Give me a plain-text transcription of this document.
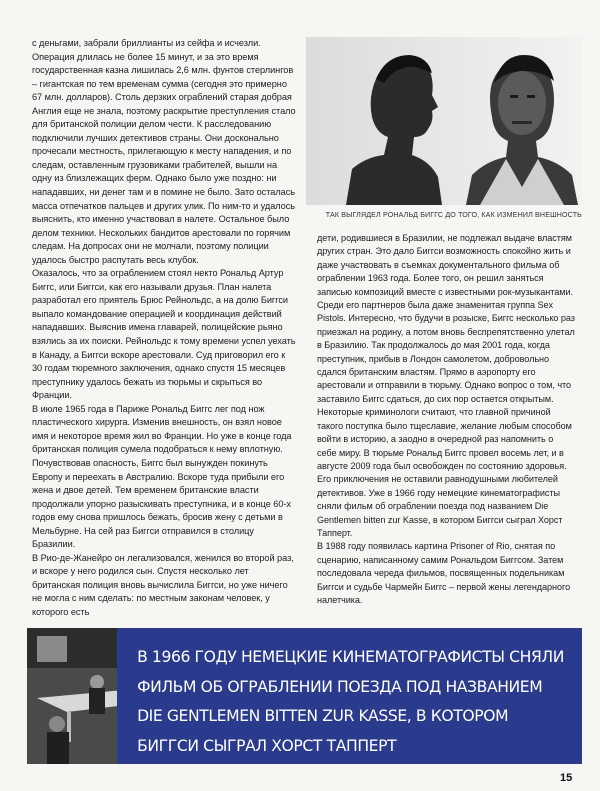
с деньгами, забрали бриллианты из сейфа и исчезли. Операция длилась не более 15 минут, и за это время государственная казна лишилась 2,6 млн. фунтов стерлингов – гигантская по тем временам сумма (сегодня это примерно 67 млн. долларов). Столь дерзких ограблений старая добрая Англия еще не знала, поэтому раскрытие преступления стало для британской полиции делом чести. К расследованию подключили лучших детективов страны. Они досконально прочесали местность, прилегающую к месту нападения, и по следам, оставленным грузовиками грабителей, вышли на одну из близлежащих ферм. Однако было уже поздно: ни нападавших, ни денег там и в помине не было. Зато осталась масса отпечатков пальцев и других улик. По ним-то и удалось выяснить, кто именно участвовал в налете. Остальное было делом техники. Нескольких бандитов арестовали по горячим следам. На допросах они не молчали, поэтому полиции удалось быстро распутать весь клубок.

Оказалось, что за ограблением стоял некто Рональд Артур Биггс, или Биггси, как его называли друзья. План налета разработал его приятель Брюс Рейнольдс, а на долю Биггси выпало командование операцией и координация действий нападавших. Выяснив имена главарей, полицейские рьяно взялись за их поиски. Рейнольдс к тому времени успел уехать в Канаду, а Биггси вскоре арестовали. Суд приговорил его к 30 годам тюремного заключения, однако спустя 15 месяцев преступнику удалось бежать из тюрьмы и скрыться во Франции.

В июле 1965 года в Париже Рональд Биггс лег под нож пластического хирурга. Изменив внешность, он взял новое имя и некоторое время жил во Франции. Но уже в конце года британская полиция сумела подобраться к нему вплотную. Почувствовав опасность, Биггс был вынужден покинуть Европу и переехать в Австралию. Вскоре туда прибыли его жена и двое детей. Тем временем британские власти продолжали упорно разыскивать преступника, и в конце 60-х годов ему снова пришлось бежать, бросив жену с детьми в Мельбурне. На сей раз Биггси отправился в столицу Бразилии.

В Рио-де-Жанейро он легализовался, женился во второй раз, и вскоре у него родился сын. Спустя несколько лет британская полиция вновь вычислила Биггси, но уже ничего не могла с ним сделать: по местным законам человек, у которого есть

ТАК ВЫГЛЯДЕЛ РОНАЛЬД БИГГС ДО ТОГО, КАК ИЗМЕНИЛ ВНЕШНОСТЬ

дети, родившиеся в Бразилии, не подлежал выдаче властям других стран. Это дало Биггси возможность спокойно жить и даже участвовать в съемках документального фильма об ограблении 1963 года. Более того, он решил заняться записью композиций вместе с известными рок-музыкантами. Среди его партнеров была даже знаменитая группа Sex Pistols. Интересно, что будучи в розыске, Биггс несколько раз приезжал на родину, а потом вновь беспрепятственно улетал в Бразилию. Так продолжалось до мая 2001 года, когда преступник, прибыв в Лондон самолетом, добровольно сдался британским властям. Прямо в аэропорту его арестовали и отправили в тюрьму. Однако вопрос о том, что заставило Биггс сдаться, до сих пор остается открытым. Некоторые криминологи считают, что главной причиной такого поступка было тщеславие, желание любым способом войти в историю, а заодно в очередной раз напомнить о себе миру. В тюрьме Рональд Биггс провел восемь лет, и в августе 2009 года был освобожден по состоянию здоровья.

Его приключения не оставили равнодушными любителей детективов. Уже в 1966 году немецкие кинематографисты сняли фильм об ограблении поезда под названием Die Gentlemen bitten zur Kasse, в котором Биггси сыграл Хорст Тапперт.

В 1988 году появилась картина Prisoner of Rio, снятая по сценарию, написанному самим Рональдом Биггсом. Затем последовала череда фильмов, посвященных подельникам Биггси и судьбе Чармейн Биггс – первой жены легендарного налетчика.

В 1966 ГОДУ НЕМЕЦКИЕ КИНЕМАТОГРАФИСТЫ СНЯЛИ
ФИЛЬМ ОБ ОГРАБЛЕНИИ ПОЕЗДА ПОД НАЗВАНИЕМ
DIE GENTLEMEN BITTEN ZUR KASSE, В КОТОРОМ
БИГГСИ СЫГРАЛ ХОРСТ ТАППЕРТ
15
